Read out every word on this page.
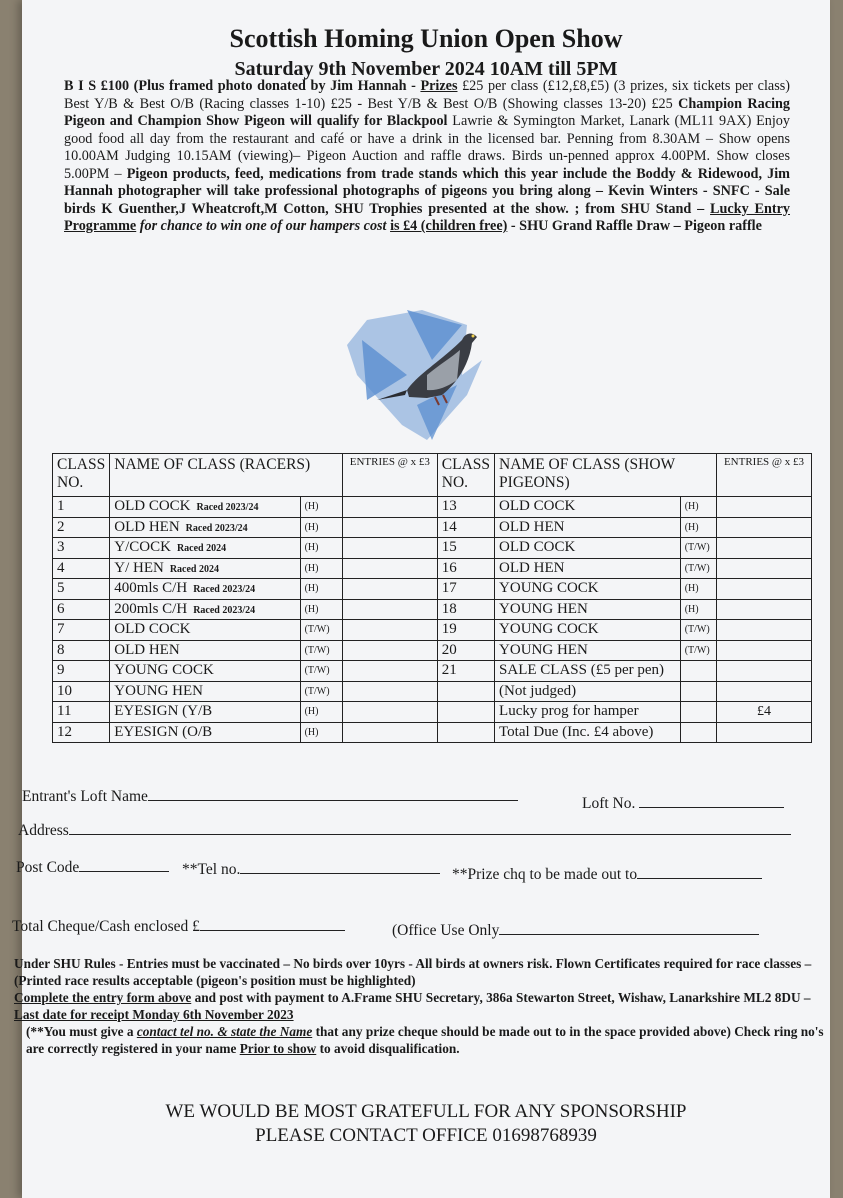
Scottish Homing Union Open Show
Saturday 9th November 2024 10AM till 5PM
B I S £100 (Plus framed photo donated by Jim Hannah - Prizes £25 per class (£12,£8,£5) (3 prizes, six tickets per class) Best Y/B & Best O/B (Racing classes 1-10) £25 - Best Y/B & Best O/B (Showing classes 13-20) £25 Champion Racing Pigeon and Champion Show Pigeon will qualify for Blackpool Lawrie & Symington Market, Lanark (ML11 9AX) Enjoy good food all day from the restaurant and café or have a drink in the licensed bar. Penning from 8.30AM – Show opens 10.00AM Judging 10.15AM (viewing)– Pigeon Auction and raffle draws. Birds un-penned approx 4.00PM. Show closes 5.00PM – Pigeon products, feed, medications from trade stands which this year include the Boddy & Ridewood, Jim Hannah photographer will take professional photographs of pigeons you bring along – Kevin Winters - SNFC - Sale birds K Guenther,J Wheatcroft,M Cotton, SHU Trophies presented at the show. ; from SHU Stand – Lucky Entry Programme for chance to win one of our hampers cost is £4 (children free) - SHU Grand Raffle Draw – Pigeon raffle
CLASS NO.	NAME OF CLASS (RACERS)		ENTRIES @ x £3	CLASS NO.	NAME OF CLASS (SHOW PIGEONS)		ENTRIES @ x £3
1	OLD COCK Raced 2023/24	(H)		13	OLD COCK	(H)	
2	OLD HEN Raced 2023/24	(H)		14	OLD HEN	(H)	
3	Y/COCK Raced 2024	(H)		15	OLD COCK	(T/W)	
4	Y/ HEN Raced 2024	(H)		16	OLD HEN	(T/W)	
5	400mls C/H Raced 2023/24	(H)		17	YOUNG COCK	(H)	
6	200mls C/H Raced 2023/24	(H)		18	YOUNG HEN	(H)	
7	OLD COCK	(T/W)		19	YOUNG COCK	(T/W)	
8	OLD HEN	(T/W)		20	YOUNG HEN	(T/W)	
9	YOUNG COCK	(T/W)		21	SALE CLASS (£5 per pen)		
10	YOUNG HEN	(T/W)			(Not judged)		
11	EYESIGN (Y/B	(H)			Lucky prog for hamper		£4
12	EYESIGN (O/B	(H)			Total Due (Inc. £4 above)		
Entrant's Loft Name	Loft No.
Address
Post Code	**Tel no.	**Prize chq to be made out to
Total Cheque/Cash enclosed £	(Office Use Only
Under SHU Rules - Entries must be vaccinated – No birds over 10yrs - All birds at owners risk. Flown Certificates required for race classes – (Printed race results acceptable (pigeon's position must be highlighted)
Complete the entry form above and post with payment to A.Frame SHU Secretary, 386a Stewarton Street, Wishaw, Lanarkshire ML2 8DU – Last date for receipt Monday 6th November 2023
(**You must give a contact tel no. & state the Name that any prize cheque should be made out to in the space provided above) Check ring no's are correctly registered in your name Prior to show to avoid disqualification.
WE WOULD BE MOST GRATEFULL FOR ANY SPONSORSHIP
PLEASE CONTACT OFFICE 01698768939
